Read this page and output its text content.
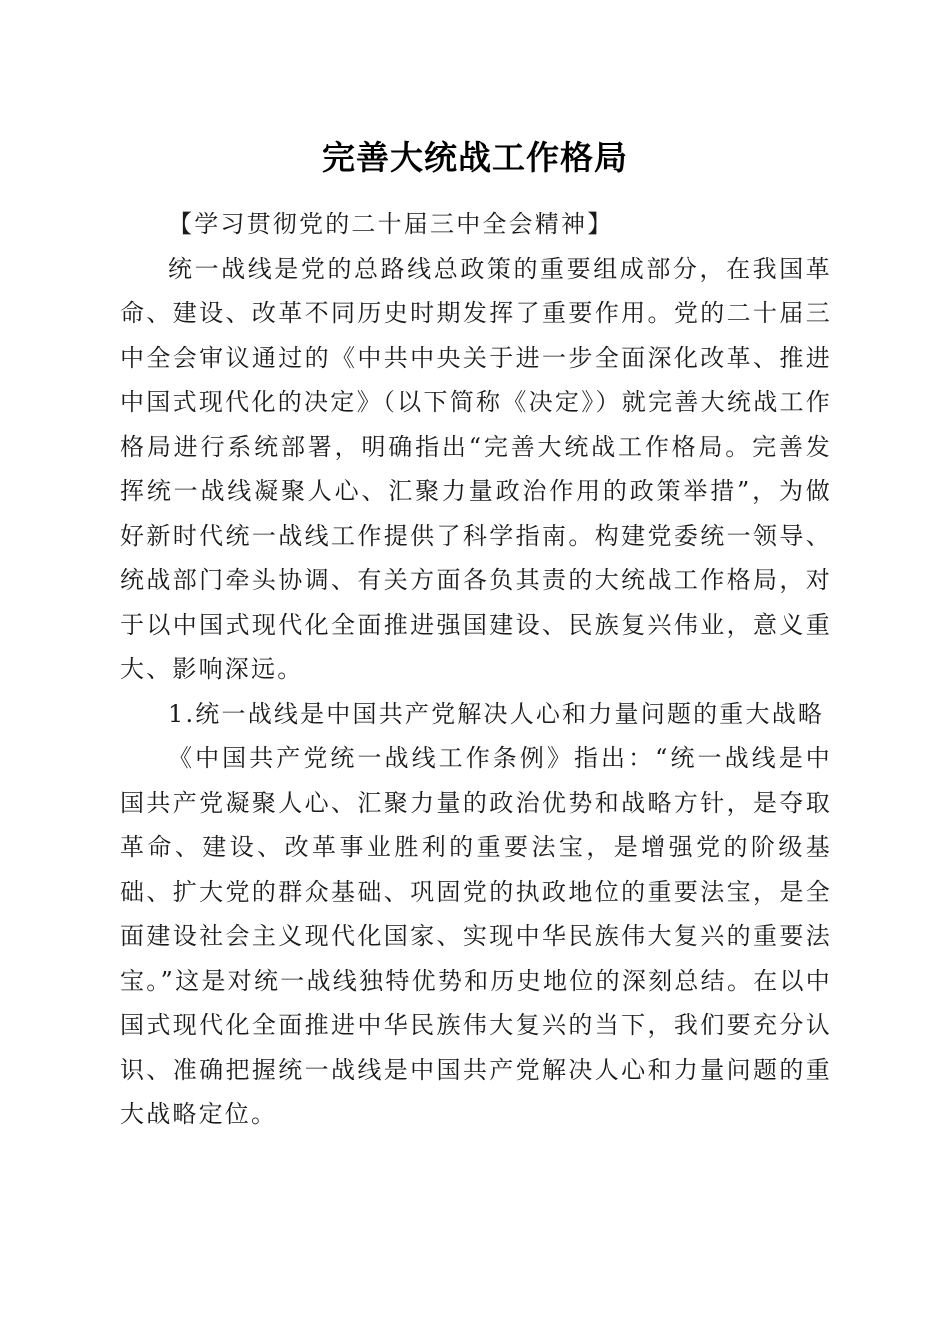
完善大统战工作格局

【学习贯彻党的二十届三中全会精神】

统一战线是党的总路线总政策的重要组成部分，在我国革命、建设、改革不同历史时期发挥了重要作用。党的二十届三中全会审议通过的《中共中央关于进一步全面深化改革、推进中国式现代化的决定》（以下简称《决定》）就完善大统战工作格局进行系统部署，明确指出“完善大统战工作格局。完善发挥统一战线凝聚人心、汇聚力量政治作用的政策举措”，为做好新时代统一战线工作提供了科学指南。构建党委统一领导、统战部门牵头协调、有关方面各负其责的大统战工作格局，对于以中国式现代化全面推进强国建设、民族复兴伟业，意义重大、影响深远。

1.统一战线是中国共产党解决人心和力量问题的重大战略

《中国共产党统一战线工作条例》指出：“统一战线是中国共产党凝聚人心、汇聚力量的政治优势和战略方针，是夺取革命、建设、改革事业胜利的重要法宝，是增强党的阶级基础、扩大党的群众基础、巩固党的执政地位的重要法宝，是全面建设社会主义现代化国家、实现中华民族伟大复兴的重要法宝。”这是对统一战线独特优势和历史地位的深刻总结。在以中国式现代化全面推进中华民族伟大复兴的当下，我们要充分认识、准确把握统一战线是中国共产党解决人心和力量问题的重大战略定位。
